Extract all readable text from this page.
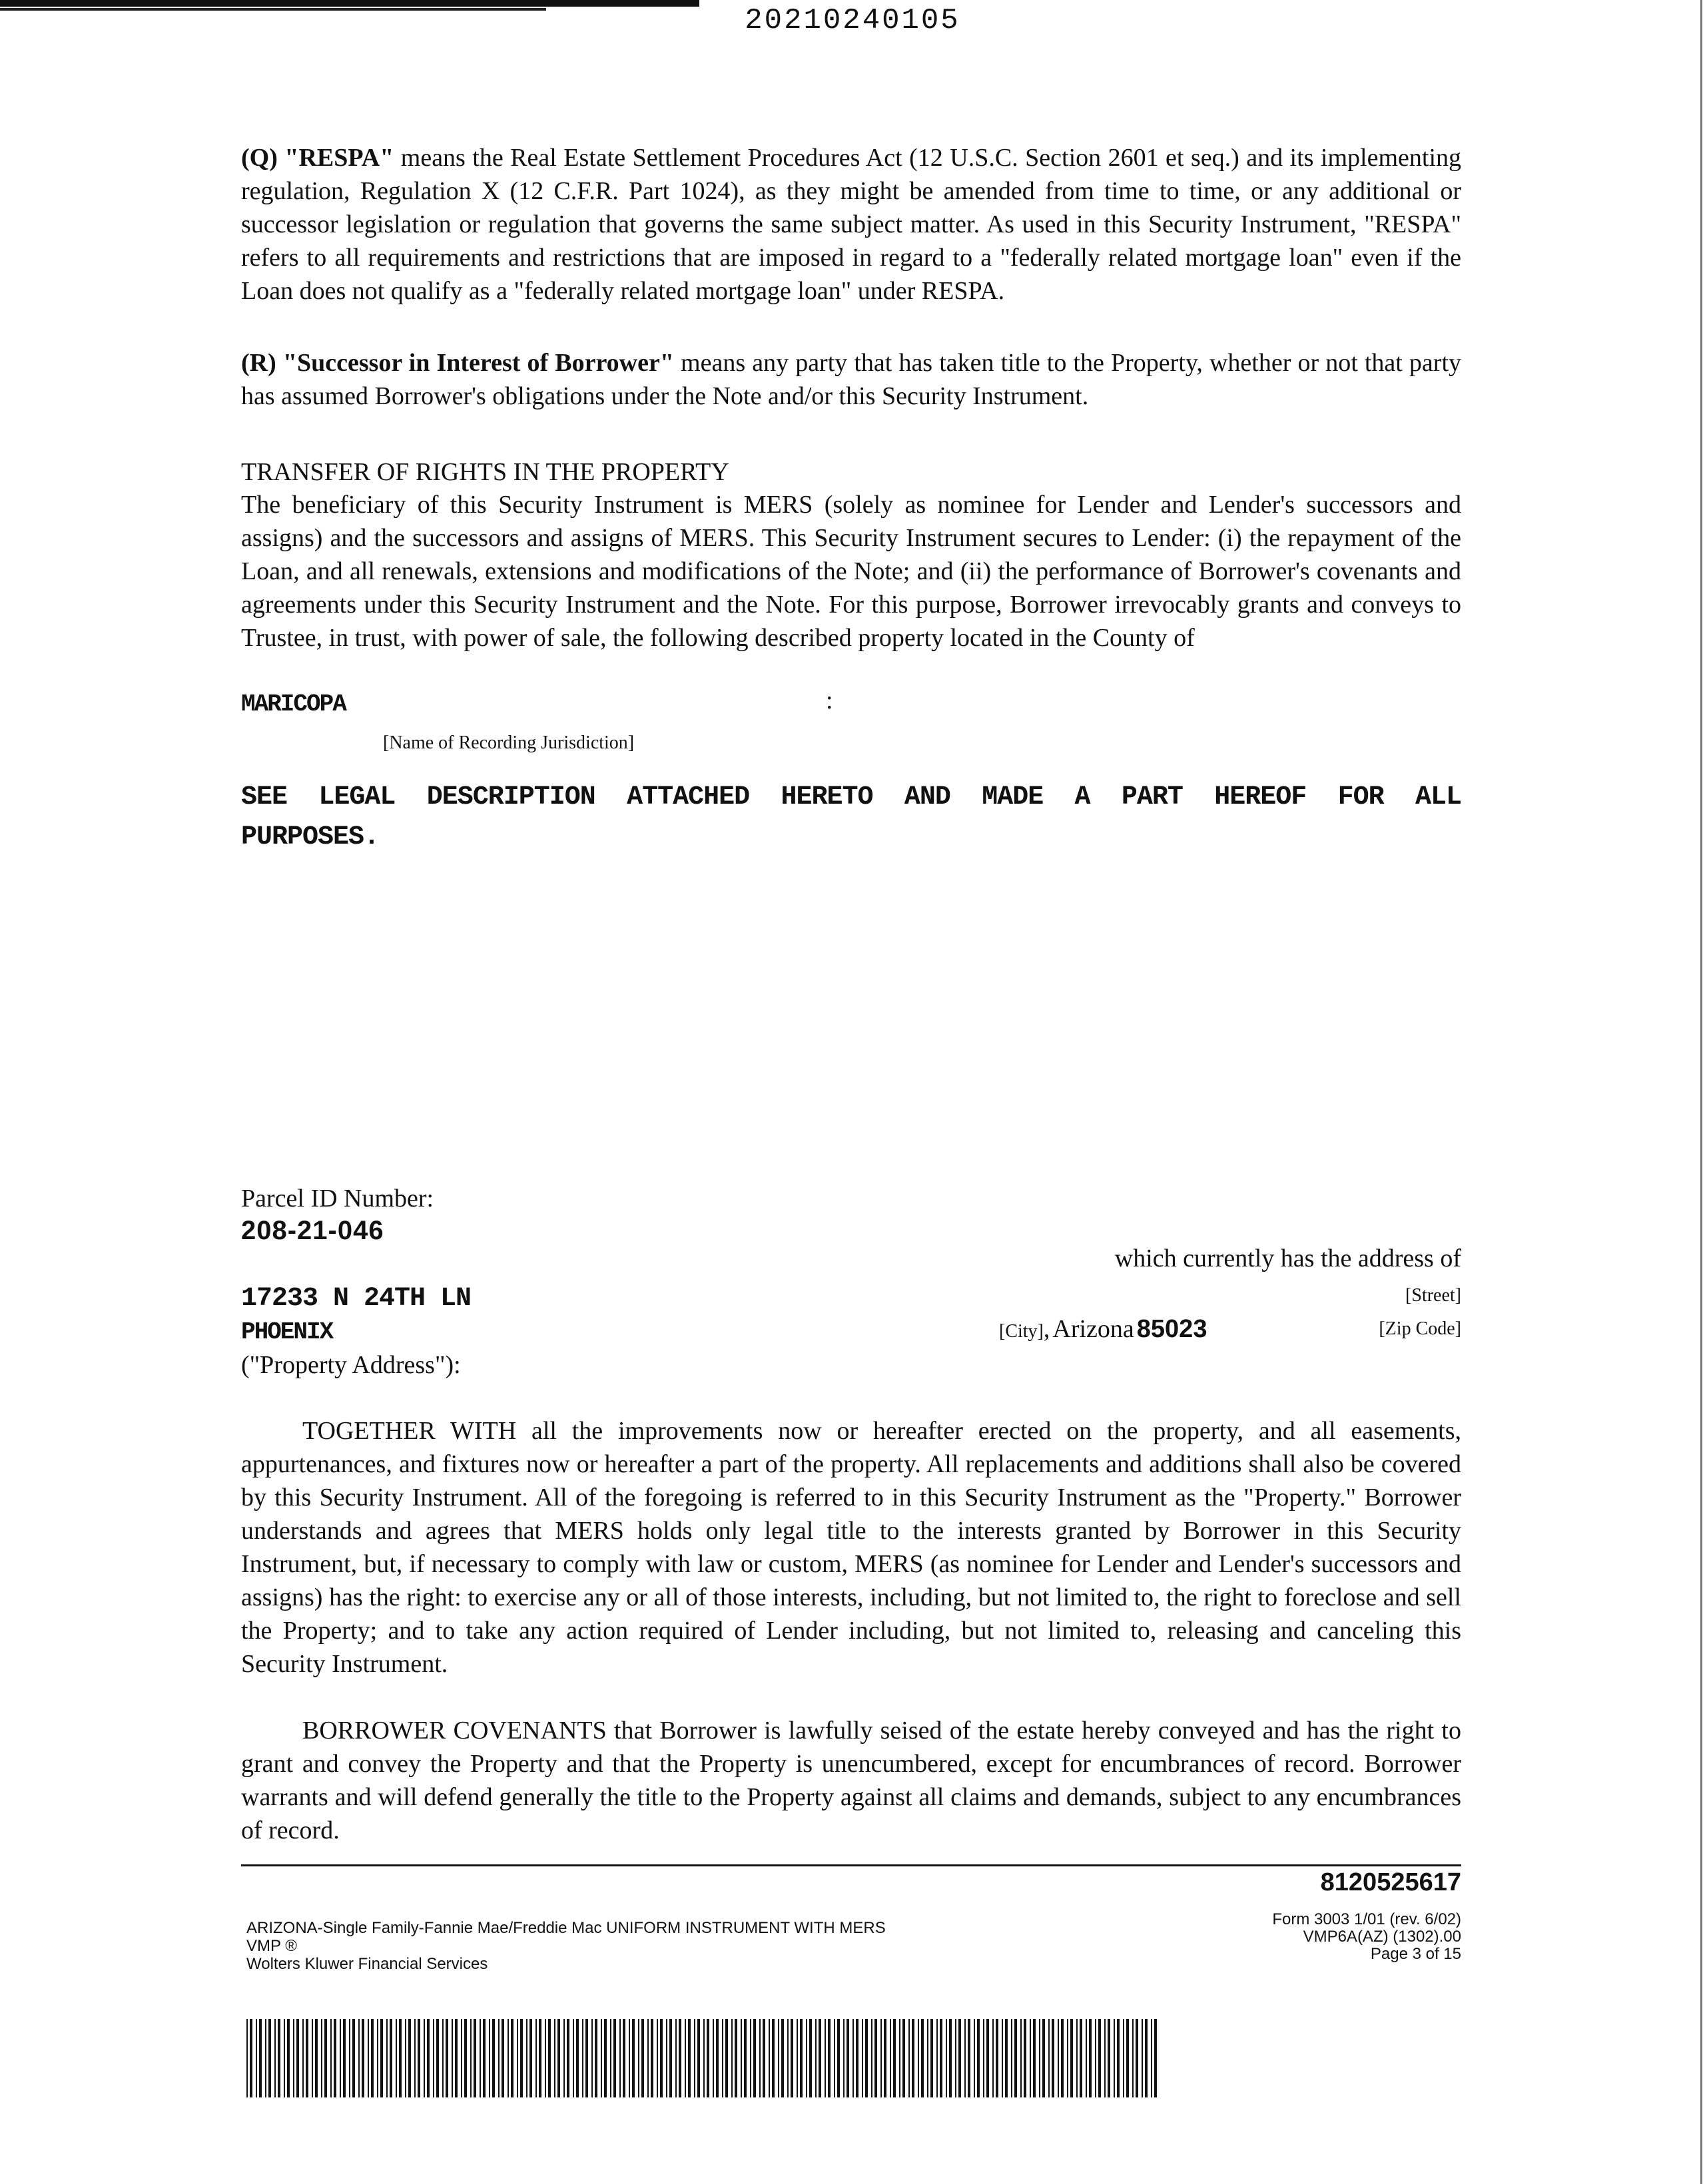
20210240105
(Q) "RESPA" means the Real Estate Settlement Procedures Act (12 U.S.C. Section 2601 et seq.) and its implementing regulation, Regulation X (12 C.F.R. Part 1024), as they might be amended from time to time, or any additional or successor legislation or regulation that governs the same subject matter. As used in this Security Instrument, "RESPA" refers to all requirements and restrictions that are imposed in regard to a "federally related mortgage loan" even if the Loan does not qualify as a "federally related mortgage loan" under RESPA.
(R) "Successor in Interest of Borrower" means any party that has taken title to the Property, whether or not that party has assumed Borrower's obligations under the Note and/or this Security Instrument.
TRANSFER OF RIGHTS IN THE PROPERTY
The beneficiary of this Security Instrument is MERS (solely as nominee for Lender and Lender's successors and assigns) and the successors and assigns of MERS. This Security Instrument secures to Lender: (i) the repayment of the Loan, and all renewals, extensions and modifications of the Note; and (ii) the performance of Borrower's covenants and agreements under this Security Instrument and the Note. For this purpose, Borrower irrevocably grants and conveys to Trustee, in trust, with power of sale, the following described property located in the County of
MARICOPA	:
[Name of Recording Jurisdiction]
SEE LEGAL DESCRIPTION ATTACHED HERETO AND MADE A PART HEREOF FOR ALL PURPOSES.
Parcel ID Number:
208-21-046
which currently has the address of
17233 N 24TH LN	[Street]
PHOENIX	[City], Arizona 85023	[Zip Code]
("Property Address"):
TOGETHER WITH all the improvements now or hereafter erected on the property, and all easements, appurtenances, and fixtures now or hereafter a part of the property. All replacements and additions shall also be covered by this Security Instrument. All of the foregoing is referred to in this Security Instrument as the "Property." Borrower understands and agrees that MERS holds only legal title to the interests granted by Borrower in this Security Instrument, but, if necessary to comply with law or custom, MERS (as nominee for Lender and Lender's successors and assigns) has the right: to exercise any or all of those interests, including, but not limited to, the right to foreclose and sell the Property; and to take any action required of Lender including, but not limited to, releasing and canceling this Security Instrument.
BORROWER COVENANTS that Borrower is lawfully seised of the estate hereby conveyed and has the right to grant and convey the Property and that the Property is unencumbered, except for encumbrances of record. Borrower warrants and will defend generally the title to the Property against all claims and demands, subject to any encumbrances of record.
8120525617
ARIZONA-Single Family-Fannie Mae/Freddie Mac UNIFORM INSTRUMENT WITH MERS
VMP ®
Wolters Kluwer Financial Services
Form 3003 1/01 (rev. 6/02)
VMP6A(AZ) (1302).00
Page 3 of 15
